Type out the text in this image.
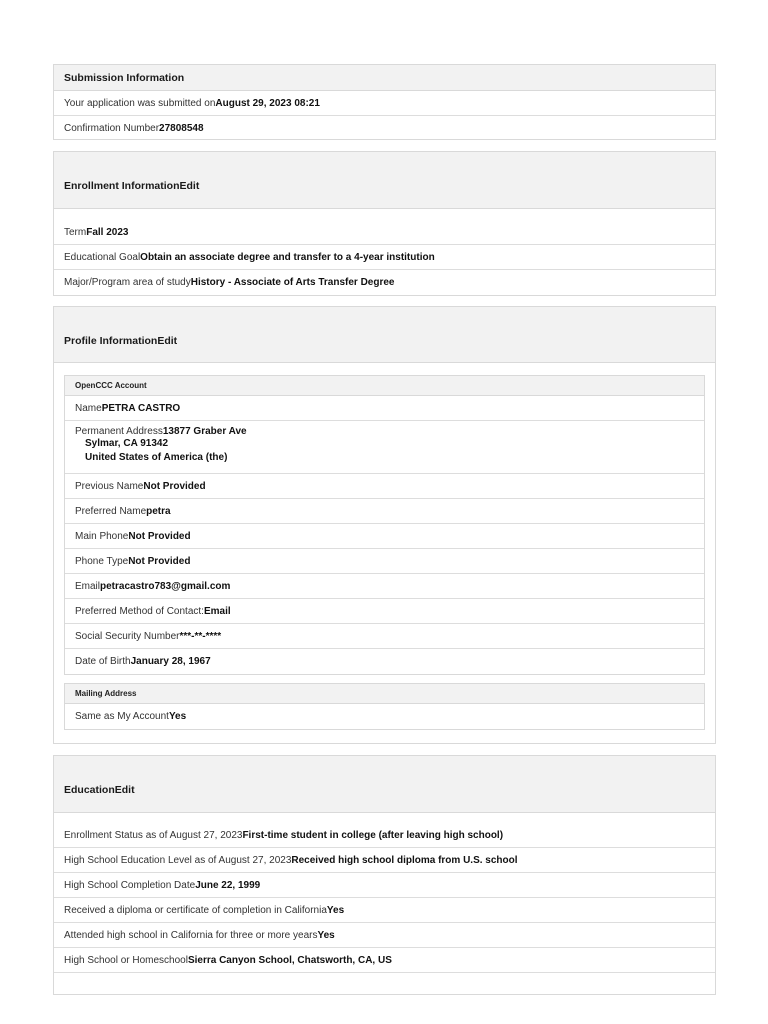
Submission Information
Your application was submitted on August 29, 2023 08:21
Confirmation Number 27808548
Enrollment Information Edit
Term Fall 2023
Educational Goal Obtain an associate degree and transfer to a 4-year institution
Major/Program area of study History - Associate of Arts Transfer Degree
Profile Information Edit
OpenCCC Account
Name PETRA CASTRO
Permanent Address13877 Graber Ave
Sylmar, CA 91342
United States of America (the)
Previous Name Not Provided
Preferred Name petra
Main Phone Not Provided
Phone Type Not Provided
Email petracastro783@gmail.com
Preferred Method of Contact: Email
Social Security Number ***-**-****
Date of Birth January 28, 1967
Mailing Address
Same as My Account Yes
Education Edit
Enrollment Status as of August 27, 2023 First-time student in college (after leaving high school)
High School Education Level as of August 27, 2023 Received high school diploma from U.S. school
High School Completion Date June 22, 1999
Received a diploma or certificate of completion in California Yes
Attended high school in California for three or more years Yes
High School or Homeschool Sierra Canyon School, Chatsworth, CA, US
